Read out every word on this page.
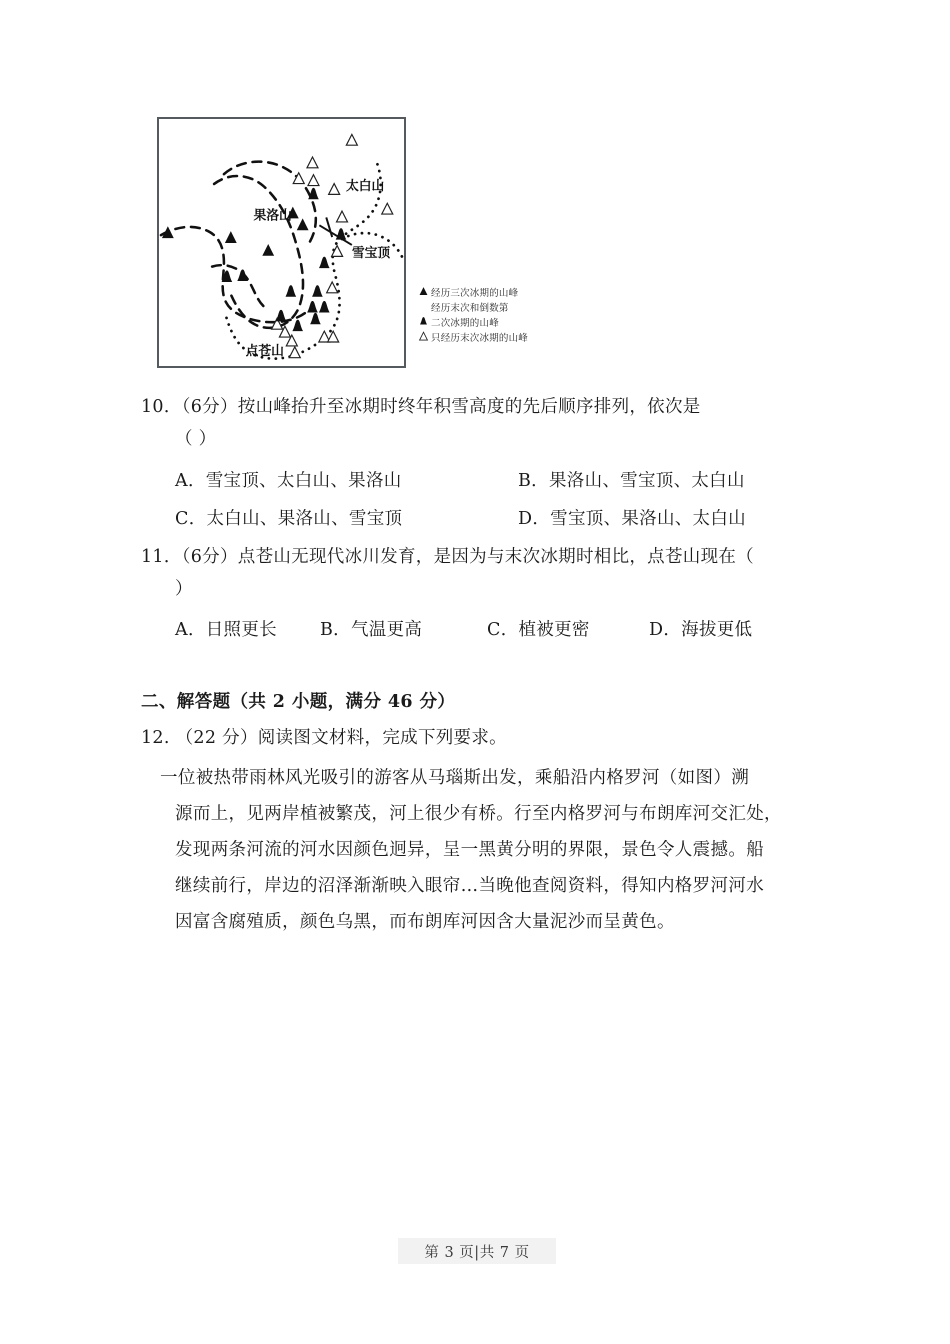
果洛山
太白山
雪宝顶
点苍山
经历三次冰期的山峰
经历末次和倒数第
二次冰期的山峰
只经历末次冰期的山峰
10．（6分）按山峰抬升至冰期时终年积雪高度的先后顺序排列，依次是
（ ）
A．雪宝顶、太白山、果洛山	B．果洛山、雪宝顶、太白山
C．太白山、果洛山、雪宝顶	D．雪宝顶、果洛山、太白山
11．（6分）点苍山无现代冰川发育，是因为与末次冰期时相比，点苍山现在（
）
A．日照更长	B．气温更高	C．植被更密	D．海拔更低
二、解答题（共 2 小题，满分 46 分）
12. （22 分）阅读图文材料，完成下列要求。
一位被热带雨林风光吸引的游客从马瑙斯出发，乘船沿内格罗河（如图）溯
源而上，见两岸植被繁茂，河上很少有桥。行至内格罗河与布朗库河交汇处，
发现两条河流的河水因颜色迥异，呈一黑黄分明的界限，景色令人震撼。船
继续前行，岸边的沼泽渐渐映入眼帘…当晚他查阅资料，得知内格罗河河水
因富含腐殖质，颜色乌黑，而布朗库河因含大量泥沙而呈黄色。
第 3 页|共 7 页
